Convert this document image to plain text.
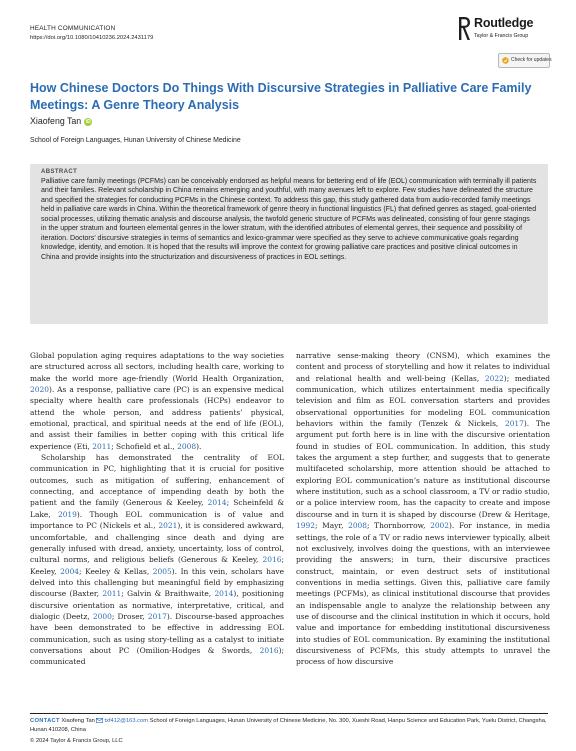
HEALTH COMMUNICATION
https://doi.org/10.1080/10410236.2024.2431179
Routledge
Taylor & Francis Group
Check for updates
How Chinese Doctors Do Things With Discursive Strategies in Palliative Care Family Meetings: A Genre Theory Analysis
Xiaofeng Tan iD
School of Foreign Languages, Hunan University of Chinese Medicine
ABSTRACT

Palliative care family meetings (PCFMs) can be conceivably endorsed as helpful means for bettering end of life (EOL) communication with terminally ill patients and their families. Relevant scholarship in China remains emerging and youthful, with many avenues left to explore. Few studies have delineated the structure and specified the strategies for conducting PCFMs in the Chinese context. To address this gap, this study gathered data from audio-recorded family meetings held in palliative care wards in China. Within the theoretical framework of genre theory in functional linguistics (FL) that defined genres as staged, goal-oriented social processes, utilizing thematic analysis and discourse analysis, the twofold generic structure of PCFMs was delineated, consisting of four genre stagings in the upper stratum and fourteen elemental genres in the lower stratum, with the identified attributes of elemental genres, their sequence and possibility of iteration. Doctors’ discursive strategies in terms of semantics and lexico-grammar were specified as they serve to achieve communicative goals regarding knowledge, identity, and emotion. It is hoped that the results will improve the context for growing palliative care practices and positive clinical outcomes in China and provide insights into the structurization and discursiveness of practices in EOL settings.

Global population aging requires adaptations to the way societies are structured across all sectors, including health care, working to make the world more age-friendly (World Health Organization, 2020). As a response, palliative care (PC) is an expensive medical specialty where health care professionals (HCPs) endeavor to attend the whole person, and address patients’ physical, emotional, practical, and spiritual needs at the end of life (EOL), and assist their families in better coping with this critical life experience (Eti, 2011; Schofield et al., 2008).

Scholarship has demonstrated the centrality of EOL communication in PC, highlighting that it is crucial for positive outcomes, such as mitigation of suffering, enhancement of connecting, and acceptance of impending death by both the patient and the family (Generous & Keeley, 2014; Scheinfeld & Lake, 2019). Though EOL communication is of value and importance to PC (Nickels et al., 2021), it is considered awkward, uncomfortable, and challenging since death and dying are generally infused with dread, anxiety, uncertainty, loss of control, cultural norms, and religious beliefs (Generous & Keeley, 2016; Keeley, 2004; Keeley & Kellas, 2005). In this vein, scholars have delved into this challenging but meaningful field by emphasizing discourse (Baxter, 2011; Galvin & Braithwaite, 2014), positioning discursive orientation as normative, interpretative, critical, and dialogic (Deetz, 2000; Droser, 2017). Discourse-based approaches have been demonstrated to be effective in addressing EOL communication, such as using story-telling as a catalyst to initiate conversations about PC (Omilion-Hodges & Swords, 2016); communicated

narrative sense-making theory (CNSM), which examines the content and process of storytelling and how it relates to individual and relational health and well-being (Kellas, 2022); mediated communication, which utilizes entertainment media specifically television and film as EOL conversation starters and provides observational opportunities for modeling EOL communication behaviors within the family (Tenzek & Nickels, 2017). The argument put forth here is in line with the discursive orientation found in studies of EOL communication. In addition, this study takes the argument a step further, and suggests that to generate multifaceted scholarship, more attention should be attached to exploring EOL communication’s nature as institutional discourse where institution, such as a school classroom, a TV or radio studio, or a police interview room, has the capacity to create and impose discourse and in turn it is shaped by discourse (Drew & Heritage, 1992; Mayr, 2008; Thornborrow, 2002). For instance, in media settings, the role of a TV or radio news interviewer typically, albeit not exclusively, involves doing the questions, with an interviewee providing the answers; in turn, their discursive practices construct, maintain, or even destruct sets of institutional conventions in media settings. Given this, palliative care family meetings (PCFMs), as clinical institutional discourse that provides an indispensable angle to analyze the relationship between any use of discourse and the clinical institution in which it occurs, hold value and importance for embedding institutional discursiveness into studies of EOL communication. By examining the institutional discursiveness of PCFMs, this study attempts to unravel the process of how discursive

CONTACT Xiaofeng Tan txf412@163.com School of Foreign Languages, Hunan University of Chinese Medicine, No. 300, Xueshi Road, Hanpu Science and Education Park, Yuelu District, Changsha, Hunan 410208, China

© 2024 Taylor & Francis Group, LLC
